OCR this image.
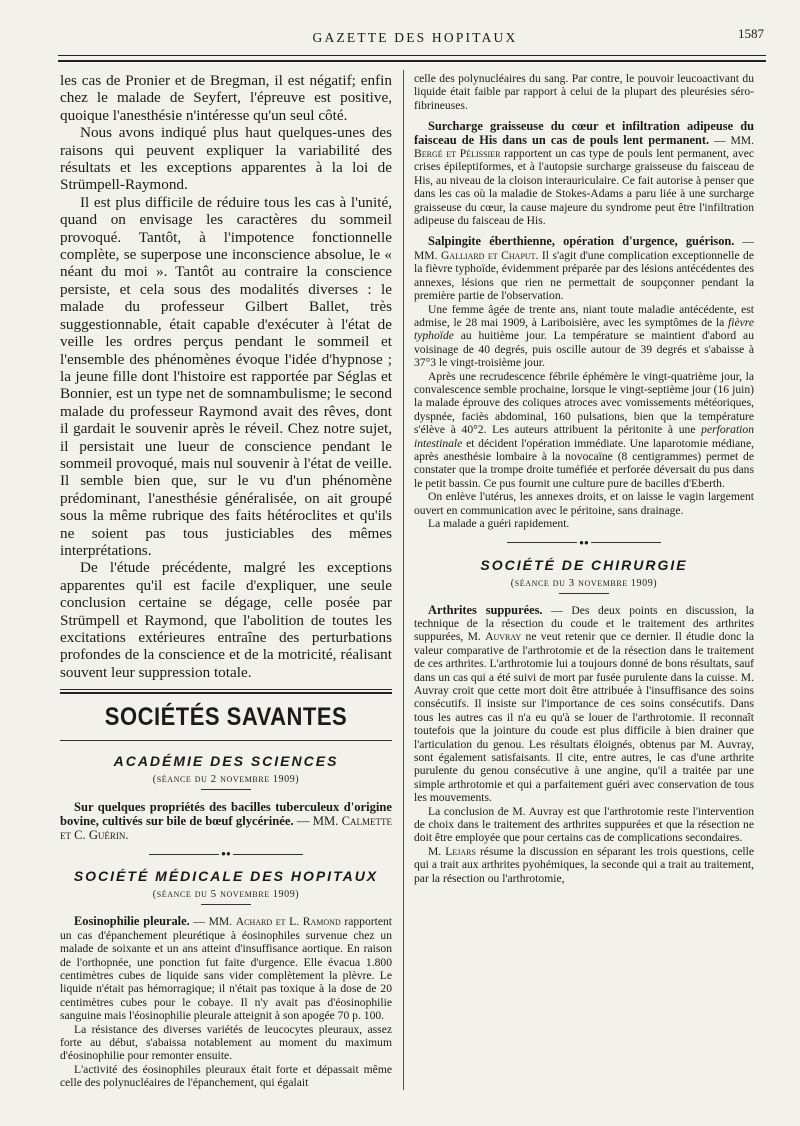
GAZETTE DES HOPITAUX	1587

les cas de Pronier et de Bregman, il est négatif; enfin chez le malade de Seyfert, l'épreuve est positive, quoique l'anesthésie n'intéresse qu'un seul côté.

Nous avons indiqué plus haut quelques-unes des raisons qui peuvent expliquer la variabilité des résultats et les exceptions apparentes à la loi de Strümpell-Raymond.

Il est plus difficile de réduire tous les cas à l'unité, quand on envisage les caractères du sommeil provoqué. Tantôt, à l'impotence fonctionnelle complète, se superpose une inconscience absolue, le « néant du moi ». Tantôt au contraire la conscience persiste, et cela sous des modalités diverses : le malade du professeur Gilbert Ballet, très suggestionnable, était capable d'exécuter à l'état de veille les ordres perçus pendant le sommeil et l'ensemble des phénomènes évoque l'idée d'hypnose ; la jeune fille dont l'histoire est rapportée par Séglas et Bonnier, est un type net de somnambulisme; le second malade du professeur Raymond avait des rêves, dont il gardait le souvenir après le réveil. Chez notre sujet, il persistait une lueur de conscience pendant le sommeil provoqué, mais nul souvenir à l'état de veille. Il semble bien que, sur le vu d'un phénomène prédominant, l'anesthésie généralisée, on ait groupé sous la même rubrique des faits hétéroclites et qu'ils ne soient pas tous justiciables des mêmes interprétations.

De l'étude précédente, malgré les exceptions apparentes qu'il est facile d'expliquer, une seule conclusion certaine se dégage, celle posée par Strümpell et Raymond, que l'abolition de toutes les excitations extérieures entraîne des perturbations profondes de la conscience et de la motricité, réalisant souvent leur suppression totale.

SOCIÉTÉS SAVANTES
ACADÉMIE DES SCIENCES
(séance du 2 novembre 1909)

Sur quelques propriétés des bacilles tuberculeux d'origine bovine, cultivés sur bile de bœuf glycérinée. — MM. Calmette et C. Guérin.

●●
SOCIÉTÉ MÉDICALE DES HOPITAUX
(séance du 5 novembre 1909)

Eosinophilie pleurale. — MM. Achard et L. Ramond rapportent un cas d'épanchement pleurétique à éosinophiles survenue chez un malade de soixante et un ans atteint d'insuffisance aortique. En raison de l'orthopnée, une ponction fut faite d'urgence. Elle évacua 1.800 centimètres cubes de liquide sans vider complètement la plèvre. Le liquide n'était pas hémorragique; il n'était pas toxique à la dose de 20 centimètres cubes pour le cobaye. Il n'y avait pas d'éosinophilie sanguine mais l'éosinophilie pleurale atteignit à son apogée 70 p. 100.

La résistance des diverses variétés de leucocytes pleuraux, assez forte au début, s'abaissa notablement au moment du maximum d'éosinophilie pour remonter ensuite.

L'activité des éosinophiles pleuraux était forte et dépassait même celle des polynucléaires de l'épanchement, qui égalait

celle des polynucléaires du sang. Par contre, le pouvoir leucoactivant du liquide était faible par rapport à celui de la plupart des pleurésies séro-fibrineuses.

Surcharge graisseuse du cœur et infiltration adipeuse du faisceau de His dans un cas de pouls lent permanent. — MM. Bergé et Pélissier rapportent un cas type de pouls lent permanent, avec crises épileptiformes, et à l'autopsie surcharge graisseuse du faisceau de His, au niveau de la cloison interauriculaire. Ce fait autorise à penser que dans les cas où la maladie de Stokes-Adams a paru liée à une surcharge graisseuse du cœur, la cause majeure du syndrome peut être l'infiltration adipeuse du faisceau de His.

Salpingite éberthienne, opération d'urgence, guérison. — MM. Galliard et Chaput. Il s'agit d'une complication exceptionnelle de la fièvre typhoïde, évidemment préparée par des lésions antécédentes des annexes, lésions que rien ne permettait de soupçonner pendant la première partie de l'observation.

Une femme âgée de trente ans, niant toute maladie antécédente, est admise, le 28 mai 1909, à Lariboisière, avec les symptômes de la fièvre typhoïde au huitième jour. La température se maintient d'abord au voisinage de 40 degrés, puis oscille autour de 39 degrés et s'abaisse à 37°3 le vingt-troisième jour.

Après une recrudescence fébrile éphémère le vingt-quatrième jour, la convalescence semble prochaine, lorsque le vingt-septième jour (16 juin) la malade éprouve des coliques atroces avec vomissements météoriques, dyspnée, faciès abdominal, 160 pulsations, bien que la température s'élève à 40°2. Les auteurs attribuent la péritonite à une perforation intestinale et décident l'opération immédiate. Une laparotomie médiane, après anesthésie lombaire à la novocaïne (8 centigrammes) permet de constater que la trompe droite tuméfiée et perforée déversait du pus dans le petit bassin. Ce pus fournit une culture pure de bacilles d'Eberth.

On enlève l'utérus, les annexes droits, et on laisse le vagin largement ouvert en communication avec le péritoine, sans drainage.

La malade a guéri rapidement.

●●
SOCIÉTÉ DE CHIRURGIE
(séance du 3 novembre 1909)

Arthrites suppurées. — Des deux points en discussion, la technique de la résection du coude et le traitement des arthrites suppurées, M. Auvray ne veut retenir que ce dernier. Il étudie donc la valeur comparative de l'arthrotomie et de la résection dans le traitement de ces arthrites. L'arthrotomie lui a toujours donné de bons résultats, sauf dans un cas qui a été suivi de mort par fusée purulente dans la cuisse. M. Auvray croit que cette mort doit être attribuée à l'insuffisance des soins consécutifs. Il insiste sur l'importance de ces soins consécutifs. Dans tous les autres cas il n'a eu qu'à se louer de l'arthrotomie. Il reconnaît toutefois que la jointure du coude est plus difficile à bien drainer que l'articulation du genou. Les résultats éloignés, obtenus par M. Auvray, sont également satisfaisants. Il cite, entre autres, le cas d'une arthrite purulente du genou consécutive à une angine, qu'il a traitée par une simple arthrotomie et qui a parfaitement guéri avec conservation de tous les mouvements.

La conclusion de M. Auvray est que l'arthrotomie reste l'intervention de choix dans le traitement des arthrites suppurées et que la résection ne doit être employée que pour certains cas de complications secondaires.

M. Lejars résume la discussion en séparant les trois questions, celle qui a trait aux arthrites pyohémiques, la seconde qui a trait au traitement, par la résection ou l'arthrotomie,
